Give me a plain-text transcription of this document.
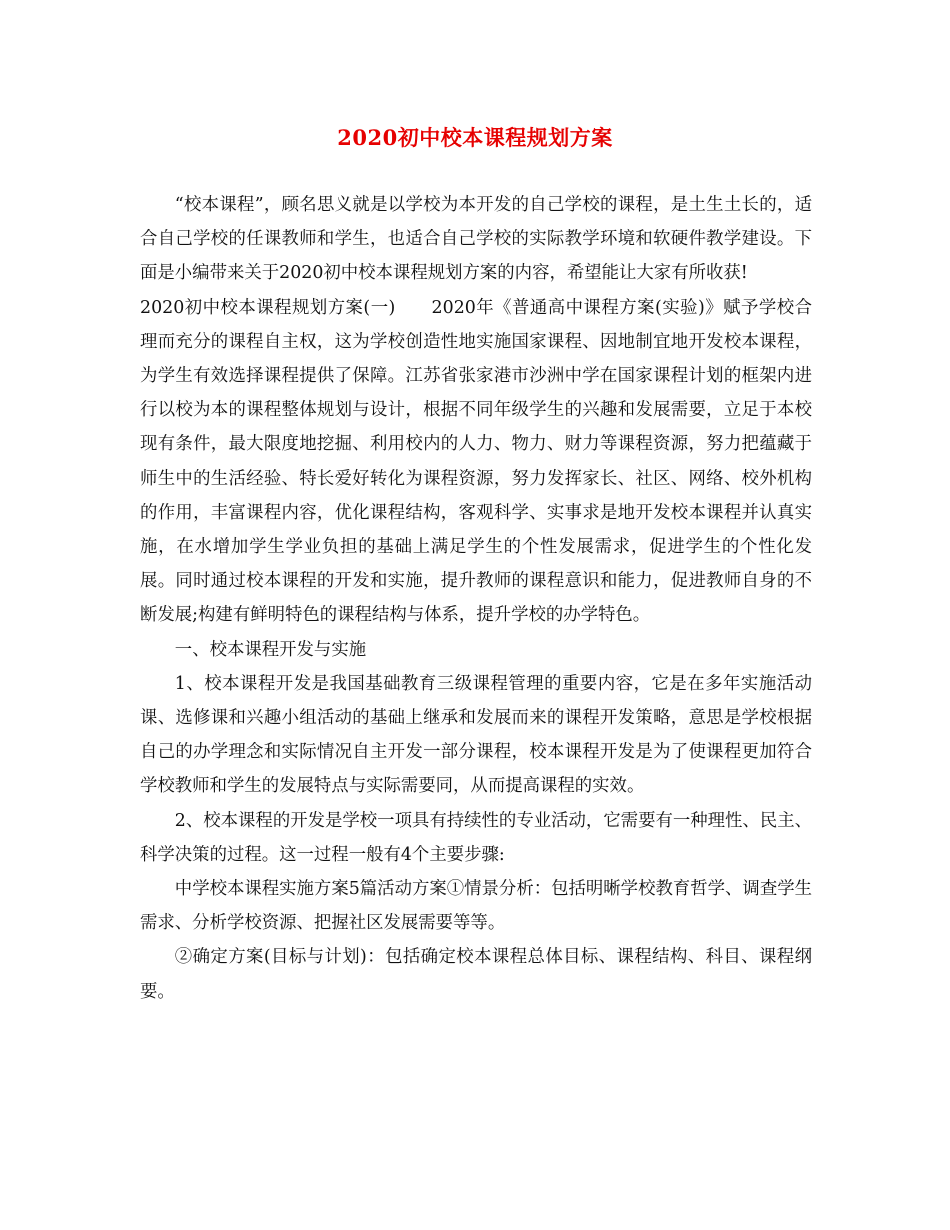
2020初中校本课程规划方案

“校本课程”，顾名思义就是以学校为本开发的自己学校的课程，是土生土长的，适合自己学校的任课教师和学生，也适合自己学校的实际教学环境和软硬件教学建设。下面是小编带来关于2020初中校本课程规划方案的内容，希望能让大家有所收获!

2020初中校本课程规划方案(一)　　2020年《普通高中课程方案(实验)》赋予学校合理而充分的课程自主权，这为学校创造性地实施国家课程、因地制宜地开发校本课程，为学生有效选择课程提供了保障。江苏省张家港市沙洲中学在国家课程计划的框架内进行以校为本的课程整体规划与设计，根据不同年级学生的兴趣和发展需要，立足于本校现有条件，最大限度地挖掘、利用校内的人力、物力、财力等课程资源，努力把蕴藏于师生中的生活经验、特长爱好转化为课程资源，努力发挥家长、社区、网络、校外机构的作用，丰富课程内容，优化课程结构，客观科学、实事求是地开发校本课程并认真实施，在水增加学生学业负担的基础上满足学生的个性发展需求，促进学生的个性化发展。同时通过校本课程的开发和实施，提升教师的课程意识和能力，促进教师自身的不断发展;构建有鲜明特色的课程结构与体系，提升学校的办学特色。

一、校本课程开发与实施

1、校本课程开发是我国基础教育三级课程管理的重要内容，它是在多年实施活动课、选修课和兴趣小组活动的基础上继承和发展而来的课程开发策略，意思是学校根据自己的办学理念和实际情况自主开发一部分课程，校本课程开发是为了使课程更加符合学校教师和学生的发展特点与实际需要同，从而提高课程的实效。

2、校本课程的开发是学校一项具有持续性的专业活动，它需要有一种理性、民主、科学决策的过程。这一过程一般有4个主要步骤:

中学校本课程实施方案5篇活动方案①情景分析：包括明晰学校教育哲学、调查学生需求、分析学校资源、把握社区发展需要等等。

②确定方案(目标与计划)：包括确定校本课程总体目标、课程结构、科目、课程纲要。
